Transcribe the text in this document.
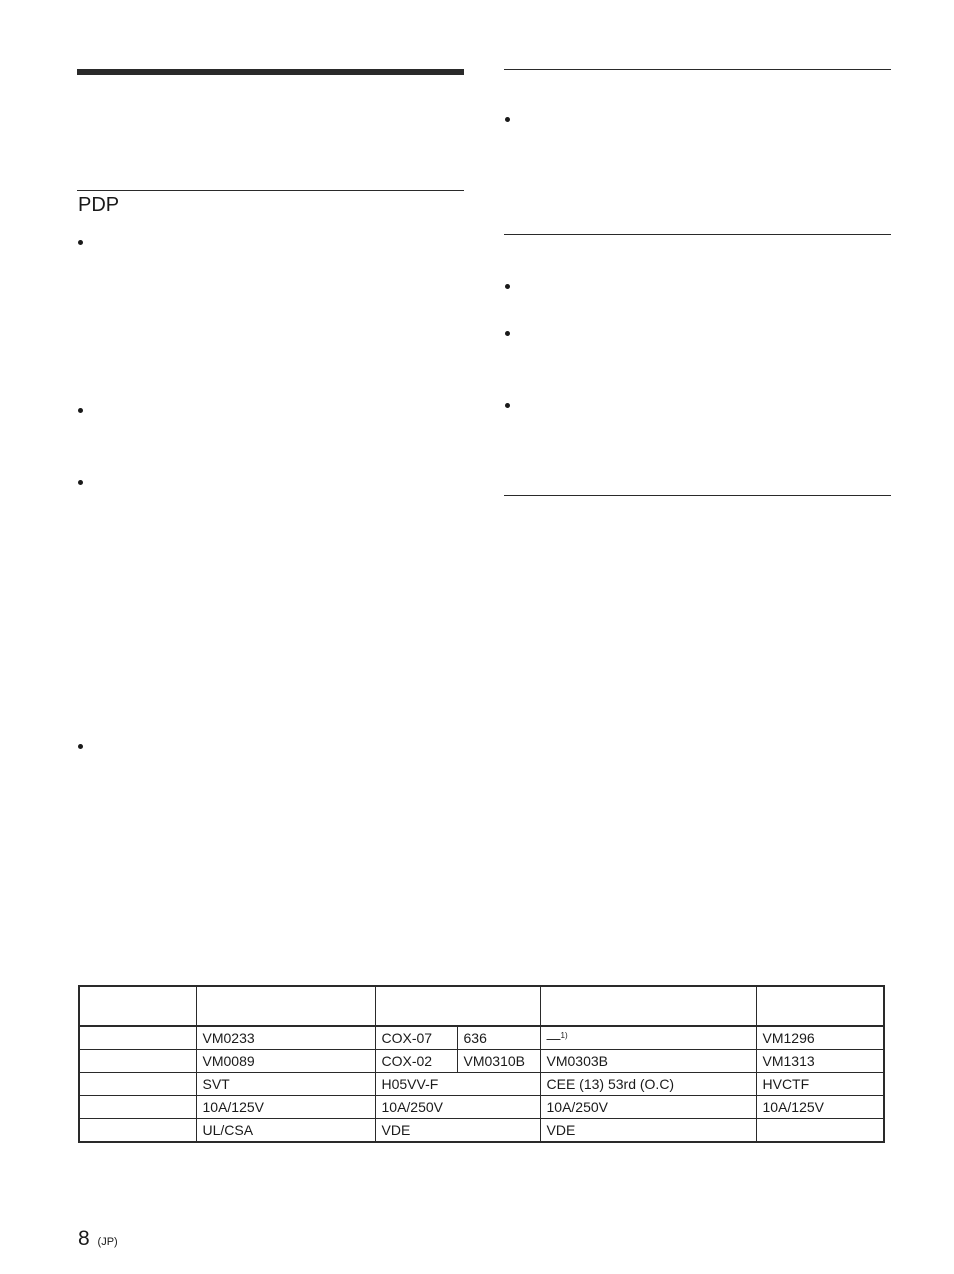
PDP

	VM0233	COX-07	636	—$^{1)}$	VM1296
	VM0089	COX-02	VM0310B	VM0303B	VM1313
	SVT	H05VV-F		CEE (13) 53rd (O.C)	HVCTF
	10A/125V	10A/250V		10A/250V	10A/125V
	UL/CSA	VDE		VDE	
8 (JP)
